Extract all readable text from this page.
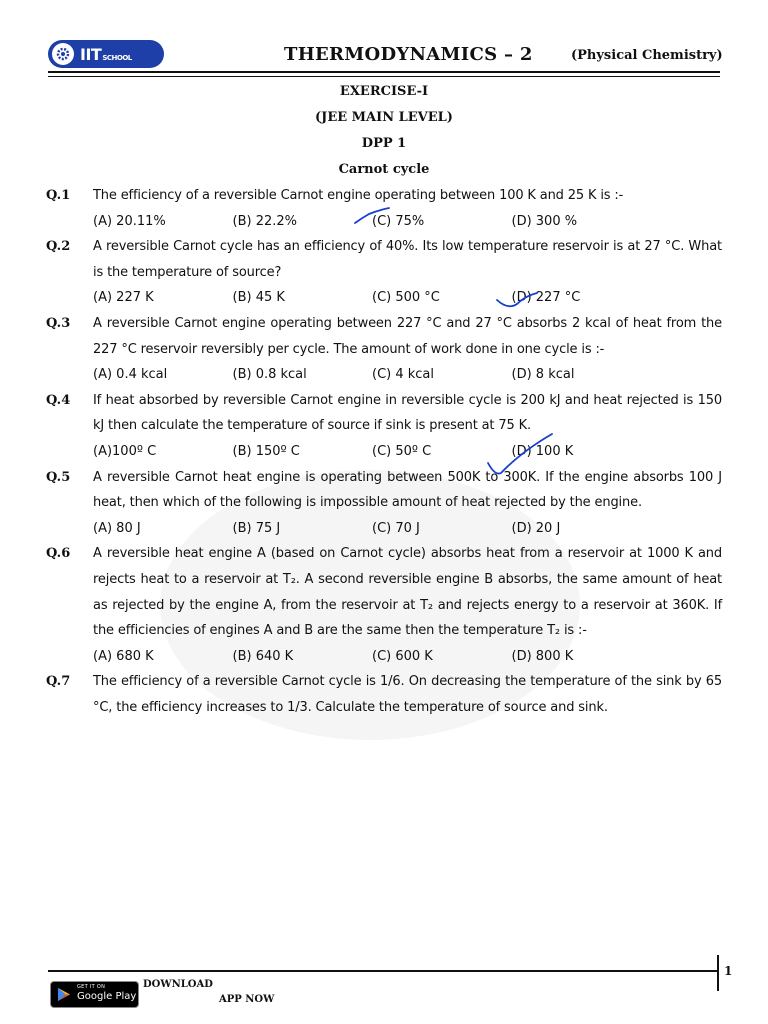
IITSCHOOL	THERMODYNAMICS – 2	(Physical Chemistry)
EXERCISE-I
(JEE MAIN LEVEL)
DPP 1
Carnot cycle
Q.1 The efficiency of a reversible Carnot engine operating between 100 K and 25 K is :-
(A) 20.11%	(B) 22.2%	(C) 75%	(D) 300 %
Q.2 A reversible Carnot cycle has an efficiency of 40%. Its low temperature reservoir is at 27 °C. What is the temperature of source?
(A) 227 K	(B) 45 K	(C) 500 °C	(D) 227 °C
Q.3 A reversible Carnot engine operating between 227 °C and 27 °C absorbs 2 kcal of heat from the 227 °C reservoir reversibly per cycle. The amount of work done in one cycle is :-
(A) 0.4 kcal	(B) 0.8 kcal	(C) 4 kcal	(D) 8 kcal
Q.4 If heat absorbed by reversible Carnot engine in reversible cycle is 200 kJ and heat rejected is 150 kJ then calculate the temperature of source if sink is present at 75 K.
(A)100º C	(B) 150º C	(C) 50º C	(D) 100 K
Q.5 A reversible Carnot heat engine is operating between 500K to 300K. If the engine absorbs 100 J heat, then which of the following is impossible amount of heat rejected by the engine.
(A) 80 J	(B) 75 J	(C) 70 J	(D) 20 J
Q.6 A reversible heat engine A (based on Carnot cycle) absorbs heat from a reservoir at 1000 K and rejects heat to a reservoir at T₂. A second reversible engine B absorbs, the same amount of heat as rejected by the engine A, from the reservoir at T₂ and rejects energy to a reservoir at 360K. If the efficiencies of engines A and B are the same then the temperature T₂ is :-
(A) 680 K	(B) 640 K	(C) 600 K	(D) 800 K
Q.7 The efficiency of a reversible Carnot cycle is 1/6. On decreasing the temperature of the sink by 65 °C, the efficiency increases to 1/3. Calculate the temperature of source and sink.
1
GET IT ON
Google Play
DOWNLOAD
APP NOW
